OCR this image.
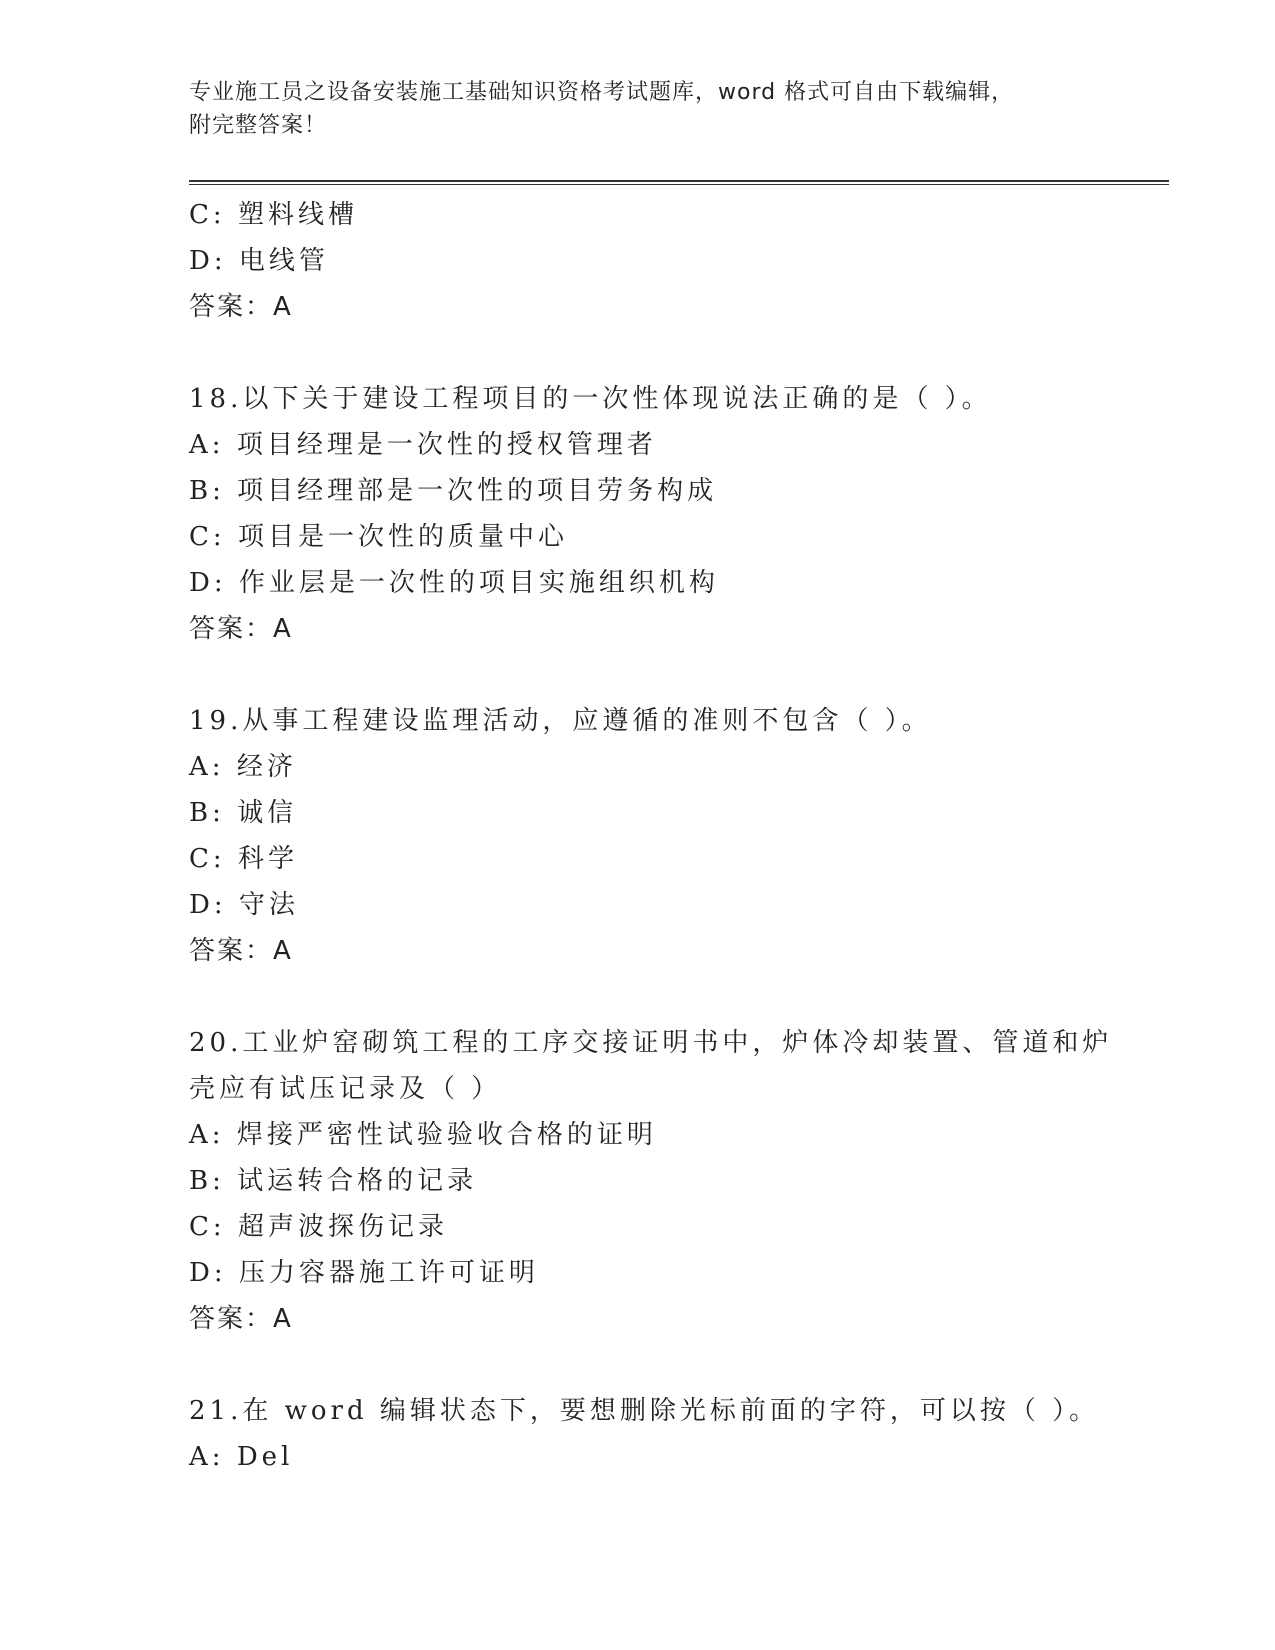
专业施工员之设备安装施工基础知识资格考试题库，word 格式可自由下载编辑，
附完整答案！
C: 塑料线槽
D: 电线管
答案：A
18.以下关于建设工程项目的一次性体现说法正确的是（ ）。
A: 项目经理是一次性的授权管理者
B: 项目经理部是一次性的项目劳务构成
C: 项目是一次性的质量中心
D: 作业层是一次性的项目实施组织机构
答案：A
19.从事工程建设监理活动，应遵循的准则不包含（ ）。
A: 经济
B: 诚信
C: 科学
D: 守法
答案：A
20.工业炉窑砌筑工程的工序交接证明书中，炉体冷却装置、管道和炉
壳应有试压记录及（ ）
A: 焊接严密性试验验收合格的证明
B: 试运转合格的记录
C: 超声波探伤记录
D: 压力容器施工许可证明
答案：A
21.在 word 编辑状态下，要想删除光标前面的字符，可以按（ ）。
A: Del
